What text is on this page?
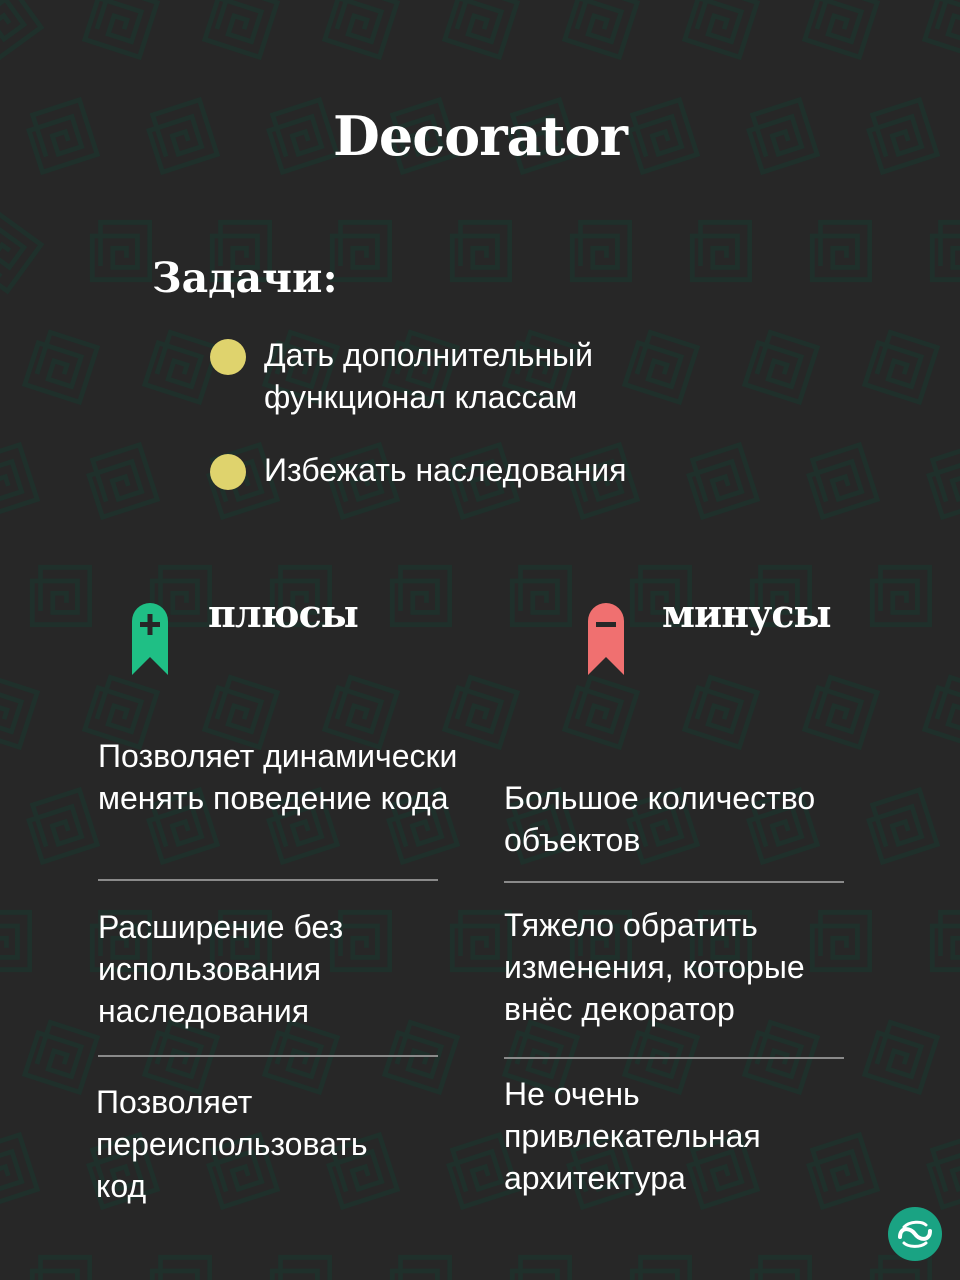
Decorator
Задачи:
Дать дополнительный функционал классам
Избежать наследования
плюсы	минусы
Позволяет динамически менять поведение кода
Расширение без использования наследования
Позволяет переиспользовать код
Большое количество объектов
Тяжело обратить изменения, которые внёс декоратор
Не очень привлекательная архитектура
